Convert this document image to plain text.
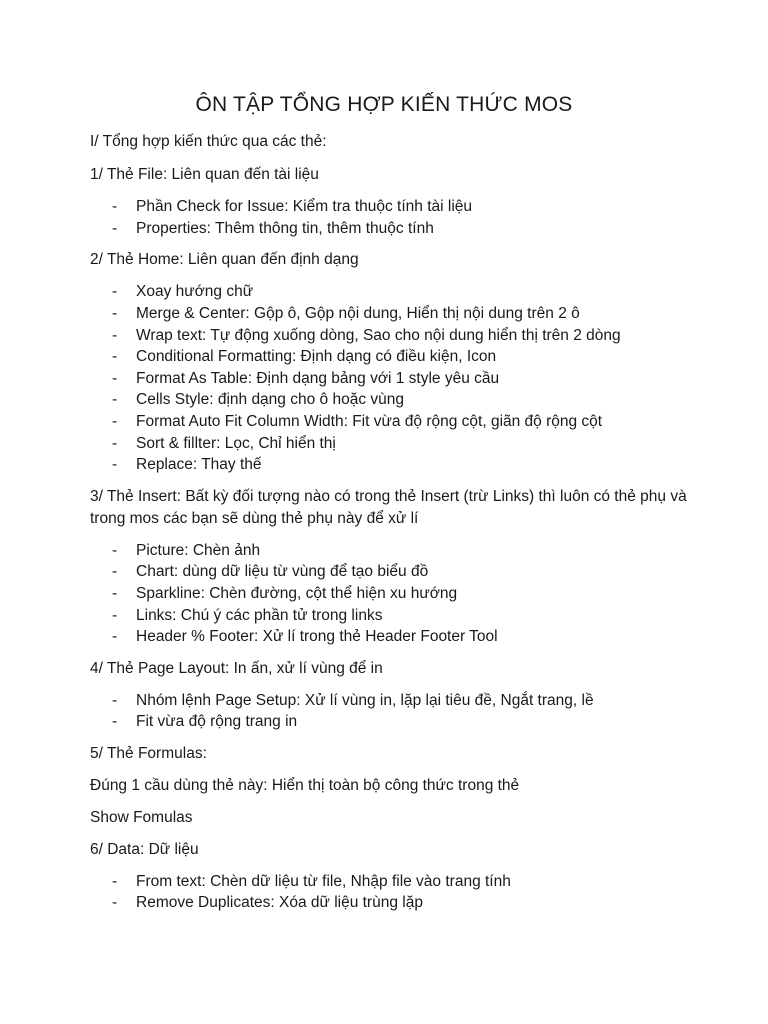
ÔN TẬP TỔNG HỢP KIẾN THỨC MOS

I/ Tổng hợp kiến thức qua các thẻ:

1/ Thẻ File: Liên quan đến tài liệu

- Phần Check for Issue: Kiểm tra thuộc tính tài liệu
- Properties: Thêm thông tin, thêm thuộc tính

2/ Thẻ Home: Liên quan đến định dạng

- Xoay hướng chữ
- Merge & Center: Gộp ô, Gộp nội dung, Hiển thị nội dung trên 2 ô
- Wrap text: Tự động xuống dòng, Sao cho nội dung hiển thị trên 2 dòng
- Conditional Formatting: Định dạng có điều kiện, Icon
- Format As Table: Định dạng bảng với 1 style yêu cầu
- Cells Style: định dạng cho ô hoặc vùng
- Format Auto Fit Column Width: Fit vừa độ rộng cột, giãn độ rộng cột
- Sort & fillter: Lọc, Chỉ hiển thị
- Replace: Thay thế

3/ Thẻ Insert: Bất kỳ đối tượng nào có trong thẻ Insert (trừ Links) thì luôn có thẻ phụ và trong mos các bạn sẽ dùng thẻ phụ này để xử lí

- Picture: Chèn ảnh
- Chart: dùng dữ liệu từ vùng để tạo biểu đồ
- Sparkline: Chèn đường, cột thể hiện xu hướng
- Links: Chú ý các phần tử trong links
- Header % Footer: Xử lí trong thẻ Header Footer Tool

4/ Thẻ Page Layout: In ấn, xử lí vùng để in

- Nhóm lệnh Page Setup: Xử lí vùng in, lặp lại tiêu đề, Ngắt trang, lề
- Fit vừa độ rộng trang in

5/ Thẻ Formulas:

Đúng 1 cầu dùng thẻ này: Hiển thị toàn bộ công thức trong thẻ

Show Fomulas

6/ Data: Dữ liệu

- From text: Chèn dữ liệu từ file, Nhập file vào trang tính
- Remove Duplicates: Xóa dữ liệu trùng lặp
